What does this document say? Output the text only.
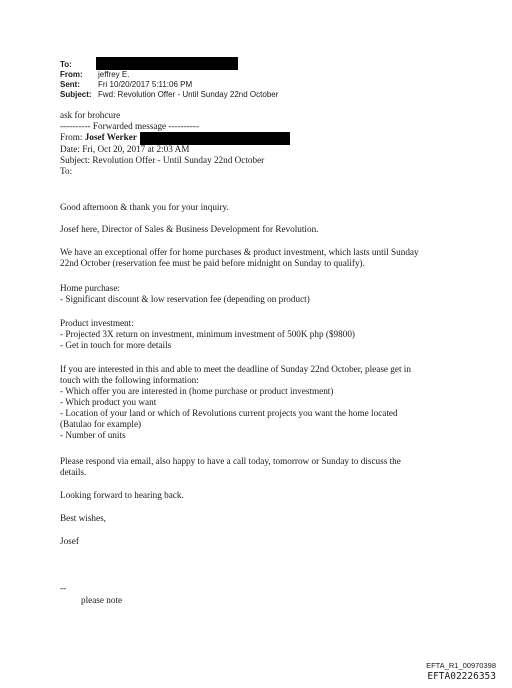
To:
From: jeffrey E.
Sent: Fri 10/20/2017 5:11:06 PM
Subject: Fwd: Revolution Offer - Until Sunday 22nd October
ask for brohcure
---------- Forwarded message ----------
From: Josef Werker
Date: Fri, Oct 20, 2017 at 2:03 AM
Subject: Revolution Offer - Until Sunday 22nd October
To:
Good afternoon & thank you for your inquiry.
Josef here, Director of Sales & Business Development for Revolution.
We have an exceptional offer for home purchases & product investment, which lasts until Sunday
22nd October (reservation fee must be paid before midnight on Sunday to qualify).
Home purchase:
- Significant discount & low reservation fee (depending on product)
Product investment:
- Projected 3X return on investment, minimum investment of 500K php ($9800)
- Get in touch for more details
If you are interested in this and able to meet the deadline of Sunday 22nd October, please get in
touch with the following information:
- Which offer you are interested in (home purchase or product investment)
- Which product you want
- Location of your land or which of Revolutions current projects you want the home located
(Batulao for example)
- Number of units
Please respond via email, also happy to have a call today, tomorrow or Sunday to discuss the
details.
Looking forward to hearing back.
Best wishes,
Josef
--
please note
EFTA_R1_00970398
EFTA02226353
